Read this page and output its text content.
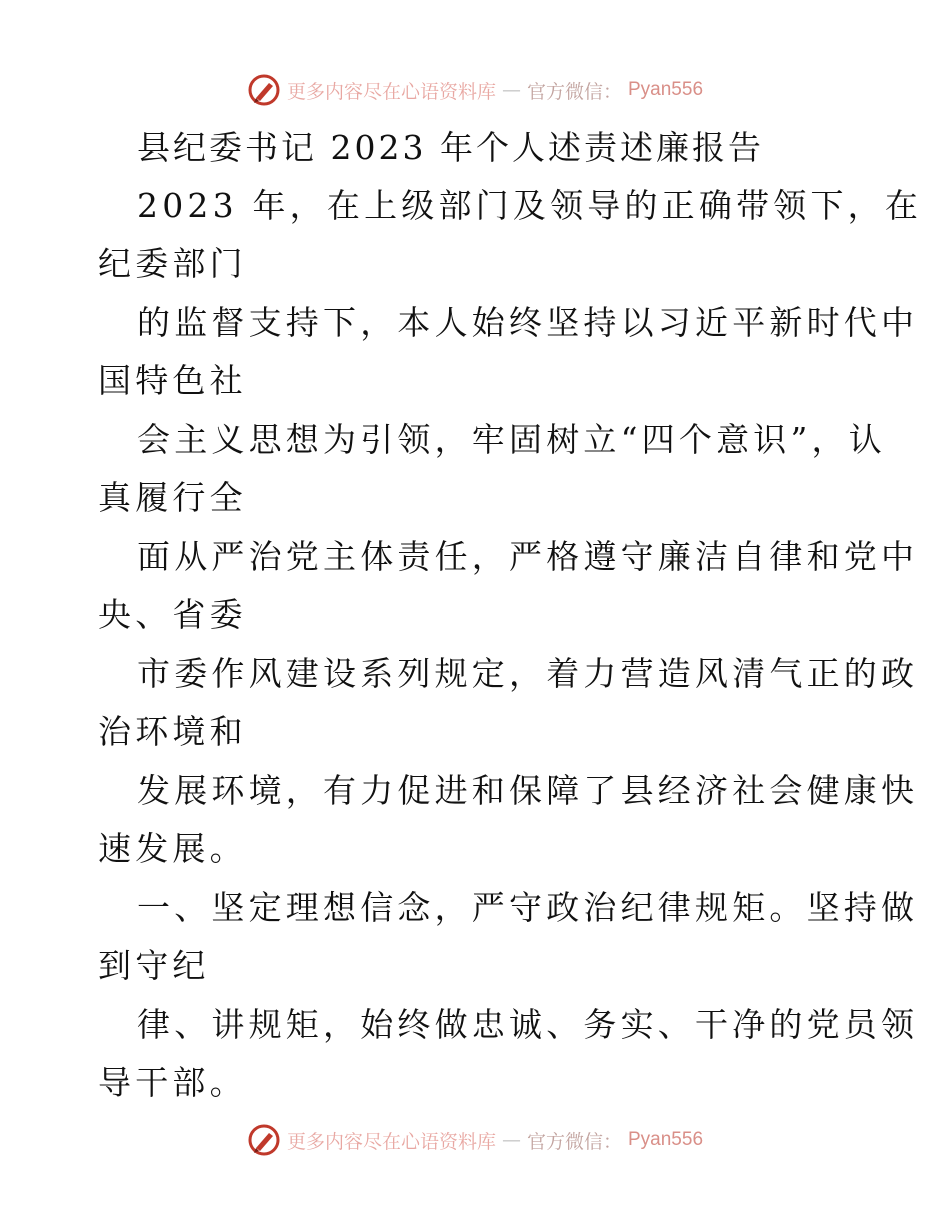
更多内容尽在心语资料库 — 官方微信： Pyan556
县纪委书记 2023 年个人述责述廉报告
2023 年，在上级部门及领导的正确带领下，在
纪委部门
的监督支持下，本人始终坚持以习近平新时代中
国特色社
会主义思想为引领，牢固树立“四个意识”，认
真履行全
面从严治党主体责任，严格遵守廉洁自律和党中
央、省委
市委作风建设系列规定，着力营造风清气正的政
治环境和
发展环境，有力促进和保障了县经济社会健康快
速发展。
一、坚定理想信念，严守政治纪律规矩。坚持做
到守纪
律、讲规矩，始终做忠诚、务实、干净的党员领
导干部。
更多内容尽在心语资料库 — 官方微信： Pyan556
